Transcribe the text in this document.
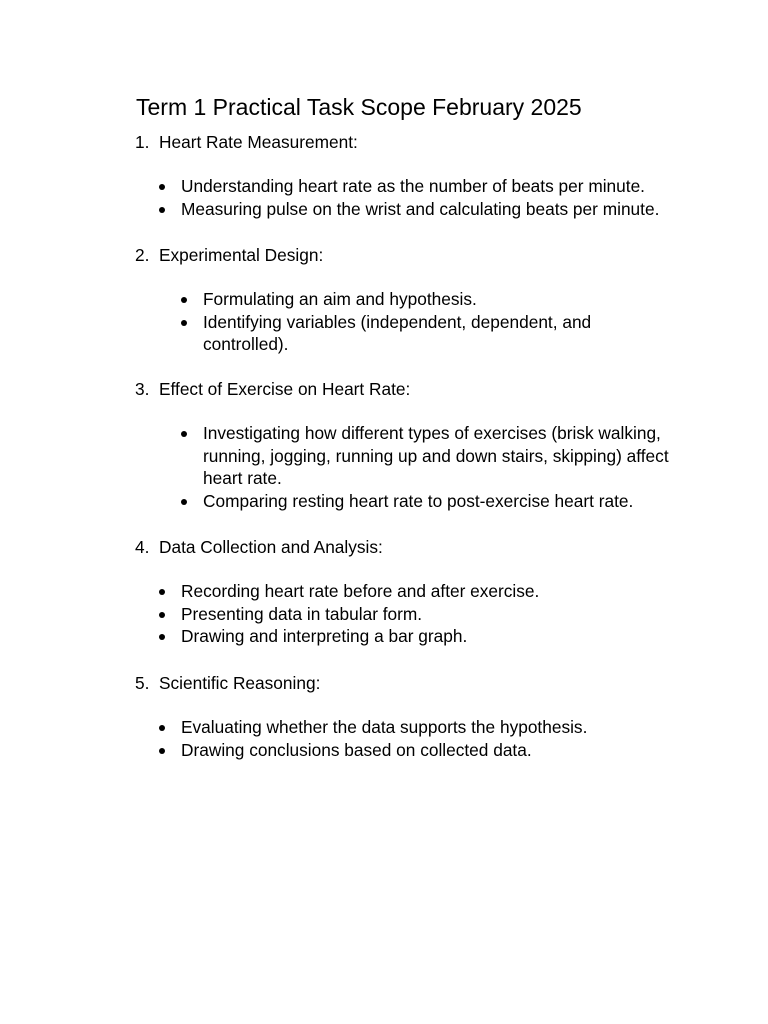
Term 1 Practical Task Scope February 2025
1. Heart Rate Measurement:
Understanding heart rate as the number of beats per minute.
Measuring pulse on the wrist and calculating beats per minute.
2. Experimental Design:
Formulating an aim and hypothesis.
Identifying variables (independent, dependent, and controlled).
3. Effect of Exercise on Heart Rate:
Investigating how different types of exercises (brisk walking, running, jogging, running up and down stairs, skipping) affect heart rate.
Comparing resting heart rate to post-exercise heart rate.
4. Data Collection and Analysis:
Recording heart rate before and after exercise.
Presenting data in tabular form.
Drawing and interpreting a bar graph.
5. Scientific Reasoning:
Evaluating whether the data supports the hypothesis.
Drawing conclusions based on collected data.
